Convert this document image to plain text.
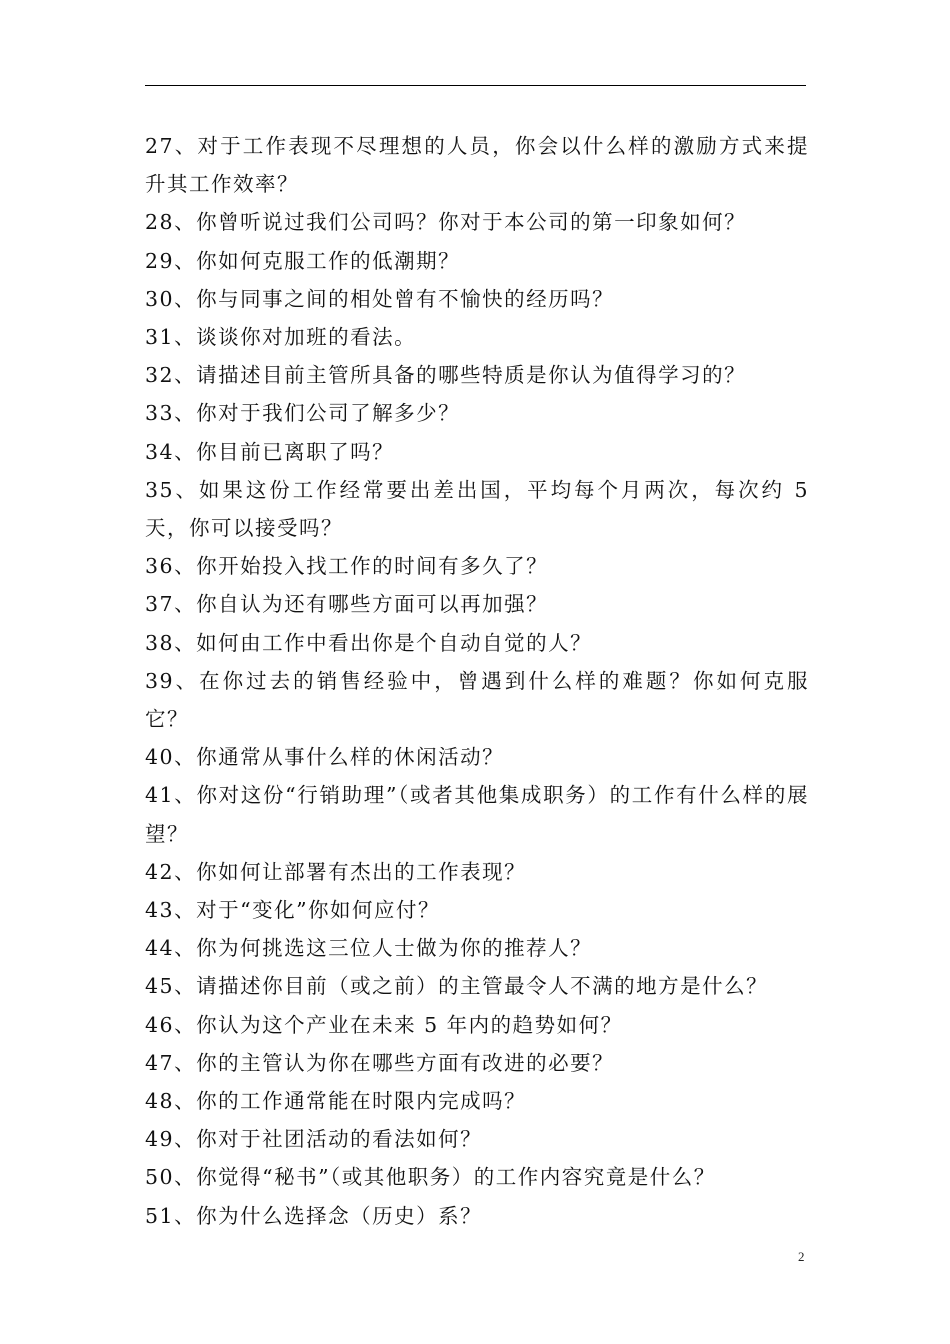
27、对于工作表现不尽理想的人员，你会以什么样的激励方式来提升其工作效率？
28、你曾听说过我们公司吗？你对于本公司的第一印象如何？
29、你如何克服工作的低潮期？
30、你与同事之间的相处曾有不愉快的经历吗？
31、谈谈你对加班的看法。
32、请描述目前主管所具备的哪些特质是你认为值得学习的？
33、你对于我们公司了解多少？
34、你目前已离职了吗？
35、如果这份工作经常要出差出国，平均每个月两次，每次约 5 天，你可以接受吗？
36、你开始投入找工作的时间有多久了？
37、你自认为还有哪些方面可以再加强？
38、如何由工作中看出你是个自动自觉的人？
39、在你过去的销售经验中，曾遇到什么样的难题？你如何克服它？
40、你通常从事什么样的休闲活动？
41、你对这份“行销助理”（或者其他集成职务）的工作有什么样的展望？
42、你如何让部署有杰出的工作表现？
43、对于“变化”你如何应付？
44、你为何挑选这三位人士做为你的推荐人？
45、请描述你目前（或之前）的主管最令人不满的地方是什么？
46、你认为这个产业在未来 5 年内的趋势如何？
47、你的主管认为你在哪些方面有改进的必要？
48、你的工作通常能在时限内完成吗？
49、你对于社团活动的看法如何？
50、你觉得“秘书”（或其他职务）的工作内容究竟是什么？
51、你为什么选择念（历史）系？
2
